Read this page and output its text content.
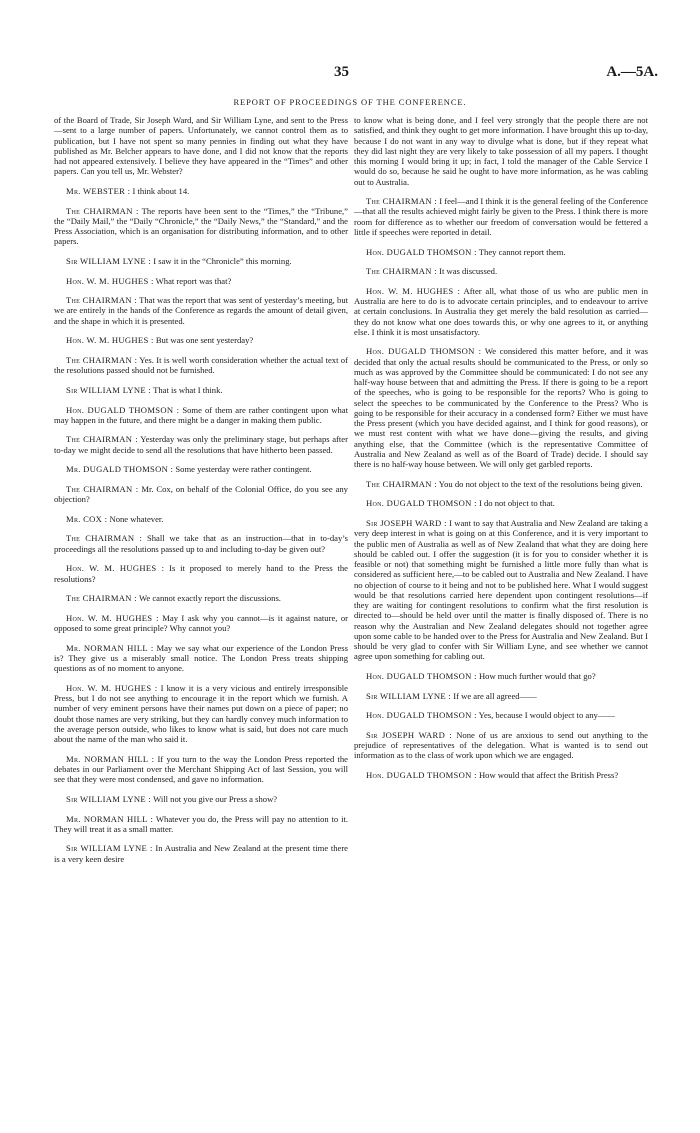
35	A.—5A.
REPORT OF PROCEEDINGS OF THE CONFERENCE.

of the Board of Trade, Sir Joseph Ward, and Sir William Lyne, and sent to the Press—sent to a large number of papers. Unfortunately, we cannot control them as to publication, but I have not spent so many pennies in finding out what they have published as Mr. Belcher appears to have done, and I did not know that the reports had not appeared extensively. I believe they have appeared in the “Times” and other papers. Can you tell us, Mr. Webster?

Mr. WEBSTER : I think about 14.

The CHAIRMAN : The reports have been sent to the “Times,” the “Tribune,” the “Daily Mail,” the “Daily “Chronicle,” the “Daily News,” the “Standard,” and the Press Association, which is an organisation for distributing information, and to other papers.

Sir WILLIAM LYNE : I saw it in the “Chronicle” this morning.

Hon. W. M. HUGHES : What report was that?

The CHAIRMAN : That was the report that was sent of yesterday’s meeting, but we are entirely in the hands of the Conference as regards the amount of detail given, and the shape in which it is presented.

Hon. W. M. HUGHES : But was one sent yesterday?

The CHAIRMAN : Yes. It is well worth consideration whether the actual text of the resolutions passed should not be furnished.

Sir WILLIAM LYNE : That is what I think.

Hon. DUGALD THOMSON : Some of them are rather contingent upon what may happen in the future, and there might be a danger in making them public.

The CHAIRMAN : Yesterday was only the preliminary stage, but perhaps after to-day we might decide to send all the resolutions that have hitherto been passed.

Mr. DUGALD THOMSON : Some yesterday were rather contingent.

The CHAIRMAN : Mr. Cox, on behalf of the Colonial Office, do you see any objection?

Mr. COX : None whatever.

The CHAIRMAN : Shall we take that as an instruction—that in to-day’s proceedings all the resolutions passed up to and including to-day be given out?

Hon. W. M. HUGHES : Is it proposed to merely hand to the Press the resolutions?

The CHAIRMAN : We cannot exactly report the discussions.

Hon. W. M. HUGHES : May I ask why you cannot—is it against nature, or opposed to some great principle? Why cannot you?

Mr. NORMAN HILL : May we say what our experience of the London Press is? They give us a miserably small notice. The London Press treats shipping questions as of no moment to anyone.

Hon. W. M. HUGHES : I know it is a very vicious and entirely irresponsible Press, but I do not see anything to encourage it in the report which we furnish. A number of very eminent persons have their names put down on a piece of paper; no doubt those names are very striking, but they can hardly convey much information to the average person outside, who likes to know what is said, but does not care much about the name of the man who said it.

Mr. NORMAN HILL : If you turn to the way the London Press reported the debates in our Parliament over the Merchant Shipping Act of last Session, you will see that they were most condensed, and gave no information.

Sir WILLIAM LYNE : Will not you give our Press a show?

Mr. NORMAN HILL : Whatever you do, the Press will pay no attention to it. They will treat it as a small matter.

Sir WILLIAM LYNE : In Australia and New Zealand at the present time there is a very keen desire

to know what is being done, and I feel very strongly that the people there are not satisfied, and think they ought to get more information. I have brought this up to-day, because I do not want in any way to divulge what is done, but if they repeat what they did last night they are very likely to take possession of all my papers. I thought this morning I would bring it up; in fact, I told the manager of the Cable Service I would do so, because he said he ought to have more information, as he was cabling out to Australia.

The CHAIRMAN : I feel—and I think it is the general feeling of the Conference—that all the results achieved might fairly be given to the Press. I think there is more room for difference as to whether our freedom of conversation would be fettered a little if speeches were reported in detail.

Hon. DUGALD THOMSON : They cannot report them.

The CHAIRMAN : It was discussed.

Hon. W. M. HUGHES : After all, what those of us who are public men in Australia are here to do is to advocate certain principles, and to endeavour to arrive at certain conclusions. In Australia they get merely the bald resolution as carried—they do not know what one does towards this, or why one agrees to it, or anything else. I think it is most unsatisfactory.

Hon. DUGALD THOMSON : We considered this matter before, and it was decided that only the actual results should be communicated to the Press, or only so much as was approved by the Committee should be communicated: I do not see any half-way house between that and admitting the Press. If there is going to be a report of the speeches, who is going to be responsible for the reports? Who is going to select the speeches to be communicated by the Conference to the Press? Who is going to be responsible for their accuracy in a condensed form? Either we must have the Press present (which you have decided against, and I think for good reasons), or we must rest content with what we have done—giving the results, and giving anything else, that the Committee (which is the representative Committee of Australia and New Zealand as well as of the Board of Trade) decide. I should say there is no half-way house between. We will only get garbled reports.

The CHAIRMAN : You do not object to the text of the resolutions being given.

Hon. DUGALD THOMSON : I do not object to that.

Sir JOSEPH WARD : I want to say that Australia and New Zealand are taking a very deep interest in what is going on at this Conference, and it is very important to the public men of Australia as well as of New Zealand that what they are doing here should be cabled out. I offer the suggestion (it is for you to consider whether it is feasible or not) that something might be furnished a little more fully than what is considered as sufficient here,—to be cabled out to Australia and New Zealand. I have no objection of course to it being and not to be published here. What I would suggest would be that resolutions carried here dependent upon contingent resolutions—if they are waiting for contingent resolutions to confirm what the first resolution is directed to—should be held over until the matter is finally disposed of. There is no reason why the Australian and New Zealand delegates should not together agree upon some cable to be handed over to the Press for Australia and New Zealand. But I should be very glad to confer with Sir William Lyne, and see whether we cannot agree upon something for cabling out.

Hon. DUGALD THOMSON : How much further would that go?

Sir WILLIAM LYNE : If we are all agreed——

Hon. DUGALD THOMSON : Yes, because I would object to any——

Sir JOSEPH WARD : None of us are anxious to send out anything to the prejudice of representatives of the delegation. What is wanted is to send out information as to the class of work upon which we are engaged.

Hon. DUGALD THOMSON : How would that affect the British Press?
